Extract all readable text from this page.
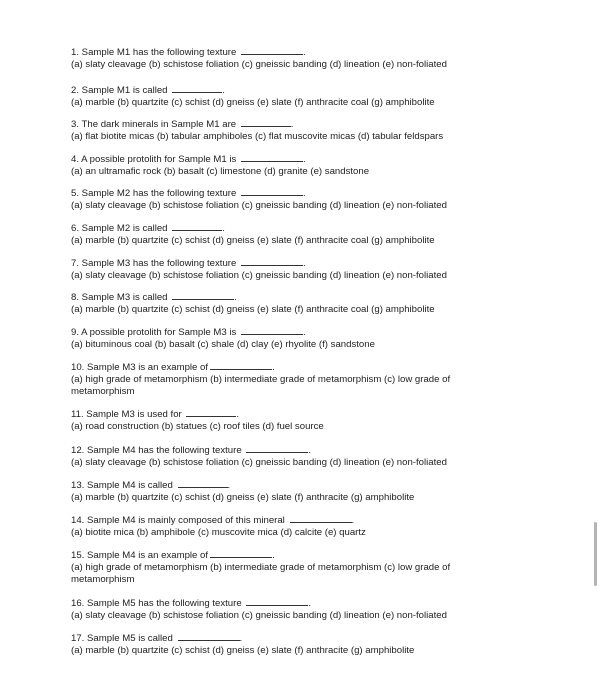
1. Sample M1 has the following texture	.

(a) slaty cleavage (b) schistose foliation (c) gneissic banding (d) lineation (e) non-foliated

2. Sample M1 is called	.

(a) marble (b) quartzite (c) schist (d) gneiss (e) slate (f) anthracite coal (g) amphibolite

3. The dark minerals in Sample M1 are	.

(a) flat biotite micas (b) tabular amphiboles (c) flat muscovite micas (d) tabular feldspars

4. A possible protolith for Sample M1 is	.

(a) an ultramafic rock (b) basalt (c) limestone (d) granite (e) sandstone

5. Sample M2 has the following texture	.

(a) slaty cleavage (b) schistose foliation (c) gneissic banding (d) lineation (e) non-foliated

6. Sample M2 is called	.

(a) marble (b) quartzite (c) schist (d) gneiss (e) slate (f) anthracite coal (g) amphibolite

7. Sample M3 has the following texture	.

(a) slaty cleavage (b) schistose foliation (c) gneissic banding (d) lineation (e) non-foliated

8. Sample M3 is called	.

(a) marble (b) quartzite (c) schist (d) gneiss (e) slate (f) anthracite coal (g) amphibolite

9. A possible protolith for Sample M3 is	.

(a) bituminous coal (b) basalt (c) shale (d) clay (e) rhyolite (f) sandstone

10. Sample M3 is an example of	.

(a) high grade of metamorphism (b) intermediate grade of metamorphism (c) low grade of metamorphism

11. Sample M3 is used for	.

(a) road construction (b) statues (c) roof tiles (d) fuel source

12. Sample M4 has the following texture	.

(a) slaty cleavage (b) schistose foliation (c) gneissic banding (d) lineation (e) non-foliated

13. Sample M4 is called	.

(a) marble (b) quartzite (c) schist (d) gneiss (e) slate (f) anthracite (g) amphibolite

14. Sample M4 is mainly composed of this mineral	.

(a) biotite mica (b) amphibole (c) muscovite mica (d) calcite (e) quartz

15. Sample M4 is an example of	.

(a) high grade of metamorphism (b) intermediate grade of metamorphism (c) low grade of metamorphism

16. Sample M5 has the following texture	.

(a) slaty cleavage (b) schistose foliation (c) gneissic banding (d) lineation (e) non-foliated

17. Sample M5 is called	.

(a) marble (b) quartzite (c) schist (d) gneiss (e) slate (f) anthracite (g) amphibolite
